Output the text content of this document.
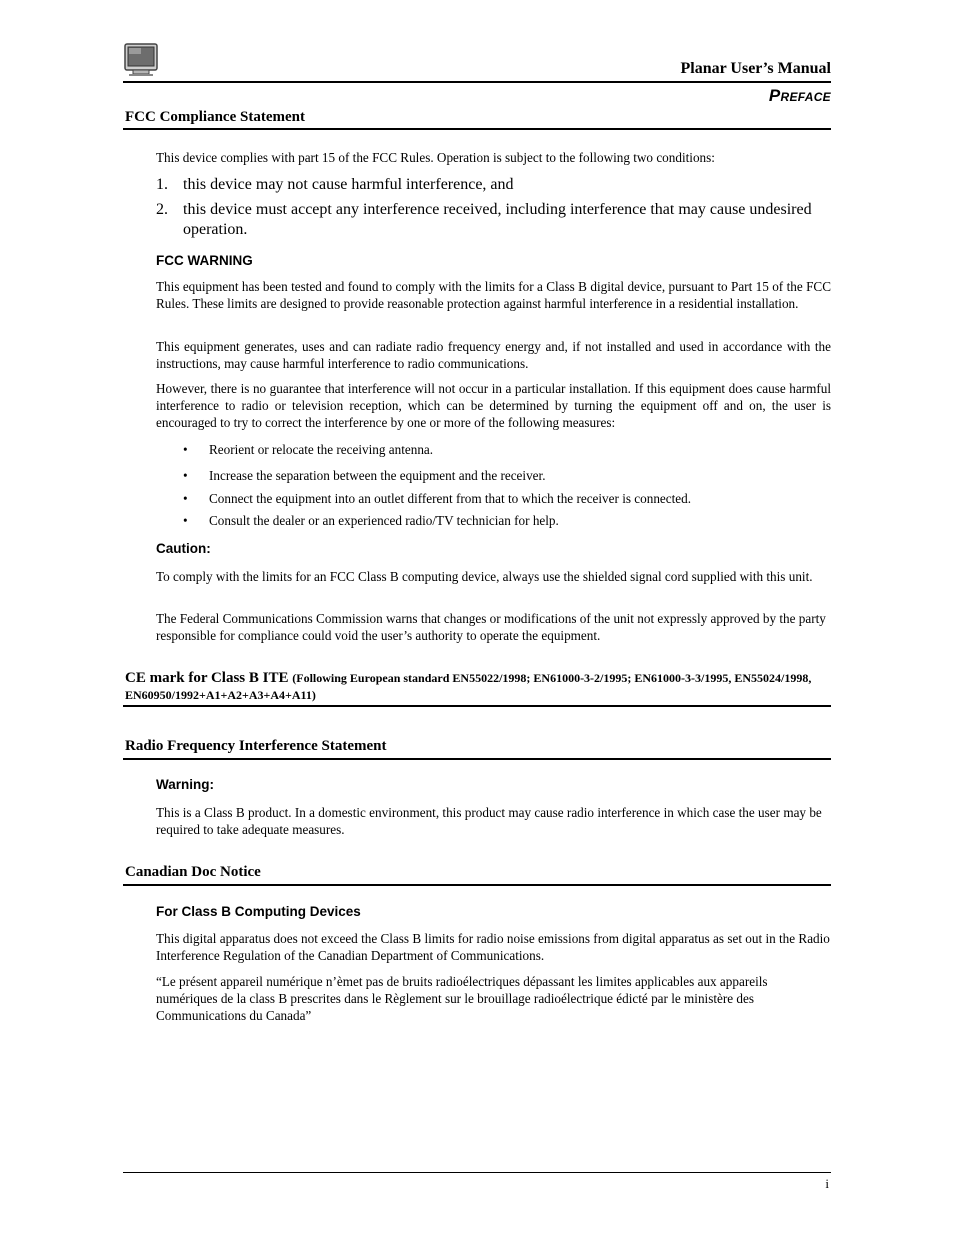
Planar User’s Manual
Preface
FCC Compliance Statement
This device complies with part 15 of the FCC Rules. Operation is subject to the following two conditions:
1. this device may not cause harmful interference, and
2. this device must accept any interference received, including interference that may cause undesired operation.
FCC WARNING
This equipment has been tested and found to comply with the limits for a Class B digital device, pursuant to Part 15 of the FCC Rules. These limits are designed to provide reasonable protection against harmful interference in a residential installation.
This equipment generates, uses and can radiate radio frequency energy and, if not installed and used in accordance with the instructions, may cause harmful interference to radio communications.
However, there is no guarantee that interference will not occur in a particular installation. If this equipment does cause harmful interference to radio or television reception, which can be determined by turning the equipment off and on, the user is encouraged to try to correct the interference by one or more of the following measures:
• Reorient or relocate the receiving antenna.
• Increase the separation between the equipment and the receiver.
• Connect the equipment into an outlet different from that to which the receiver is connected.
• Consult the dealer or an experienced radio/TV technician for help.
Caution:
To comply with the limits for an FCC Class B computing device, always use the shielded signal cord supplied with this unit.
The Federal Communications Commission warns that changes or modifications of the unit not expressly approved by the party responsible for compliance could void the user’s authority to operate the equipment.
CE mark for Class B ITE (Following European standard EN55022/1998; EN61000-3-2/1995; EN61000-3-3/1995, EN55024/1998, EN60950/1992+A1+A2+A3+A4+A11)
Radio Frequency Interference Statement
Warning:
This is a Class B product. In a domestic environment, this product may cause radio interference in which case the user may be required to take adequate measures.
Canadian Doc Notice
For Class B Computing Devices
This digital apparatus does not exceed the Class B limits for radio noise emissions from digital apparatus as set out in the Radio Interference Regulation of the Canadian Department of Communications.
“Le présent appareil numérique n’èmet pas de bruits radioélectriques dépassant les limites applicables aux appareils numériques de la class B prescrites dans le Règlement sur le brouillage radioélectrique édicté par le ministère des Communications du Canada”
i
